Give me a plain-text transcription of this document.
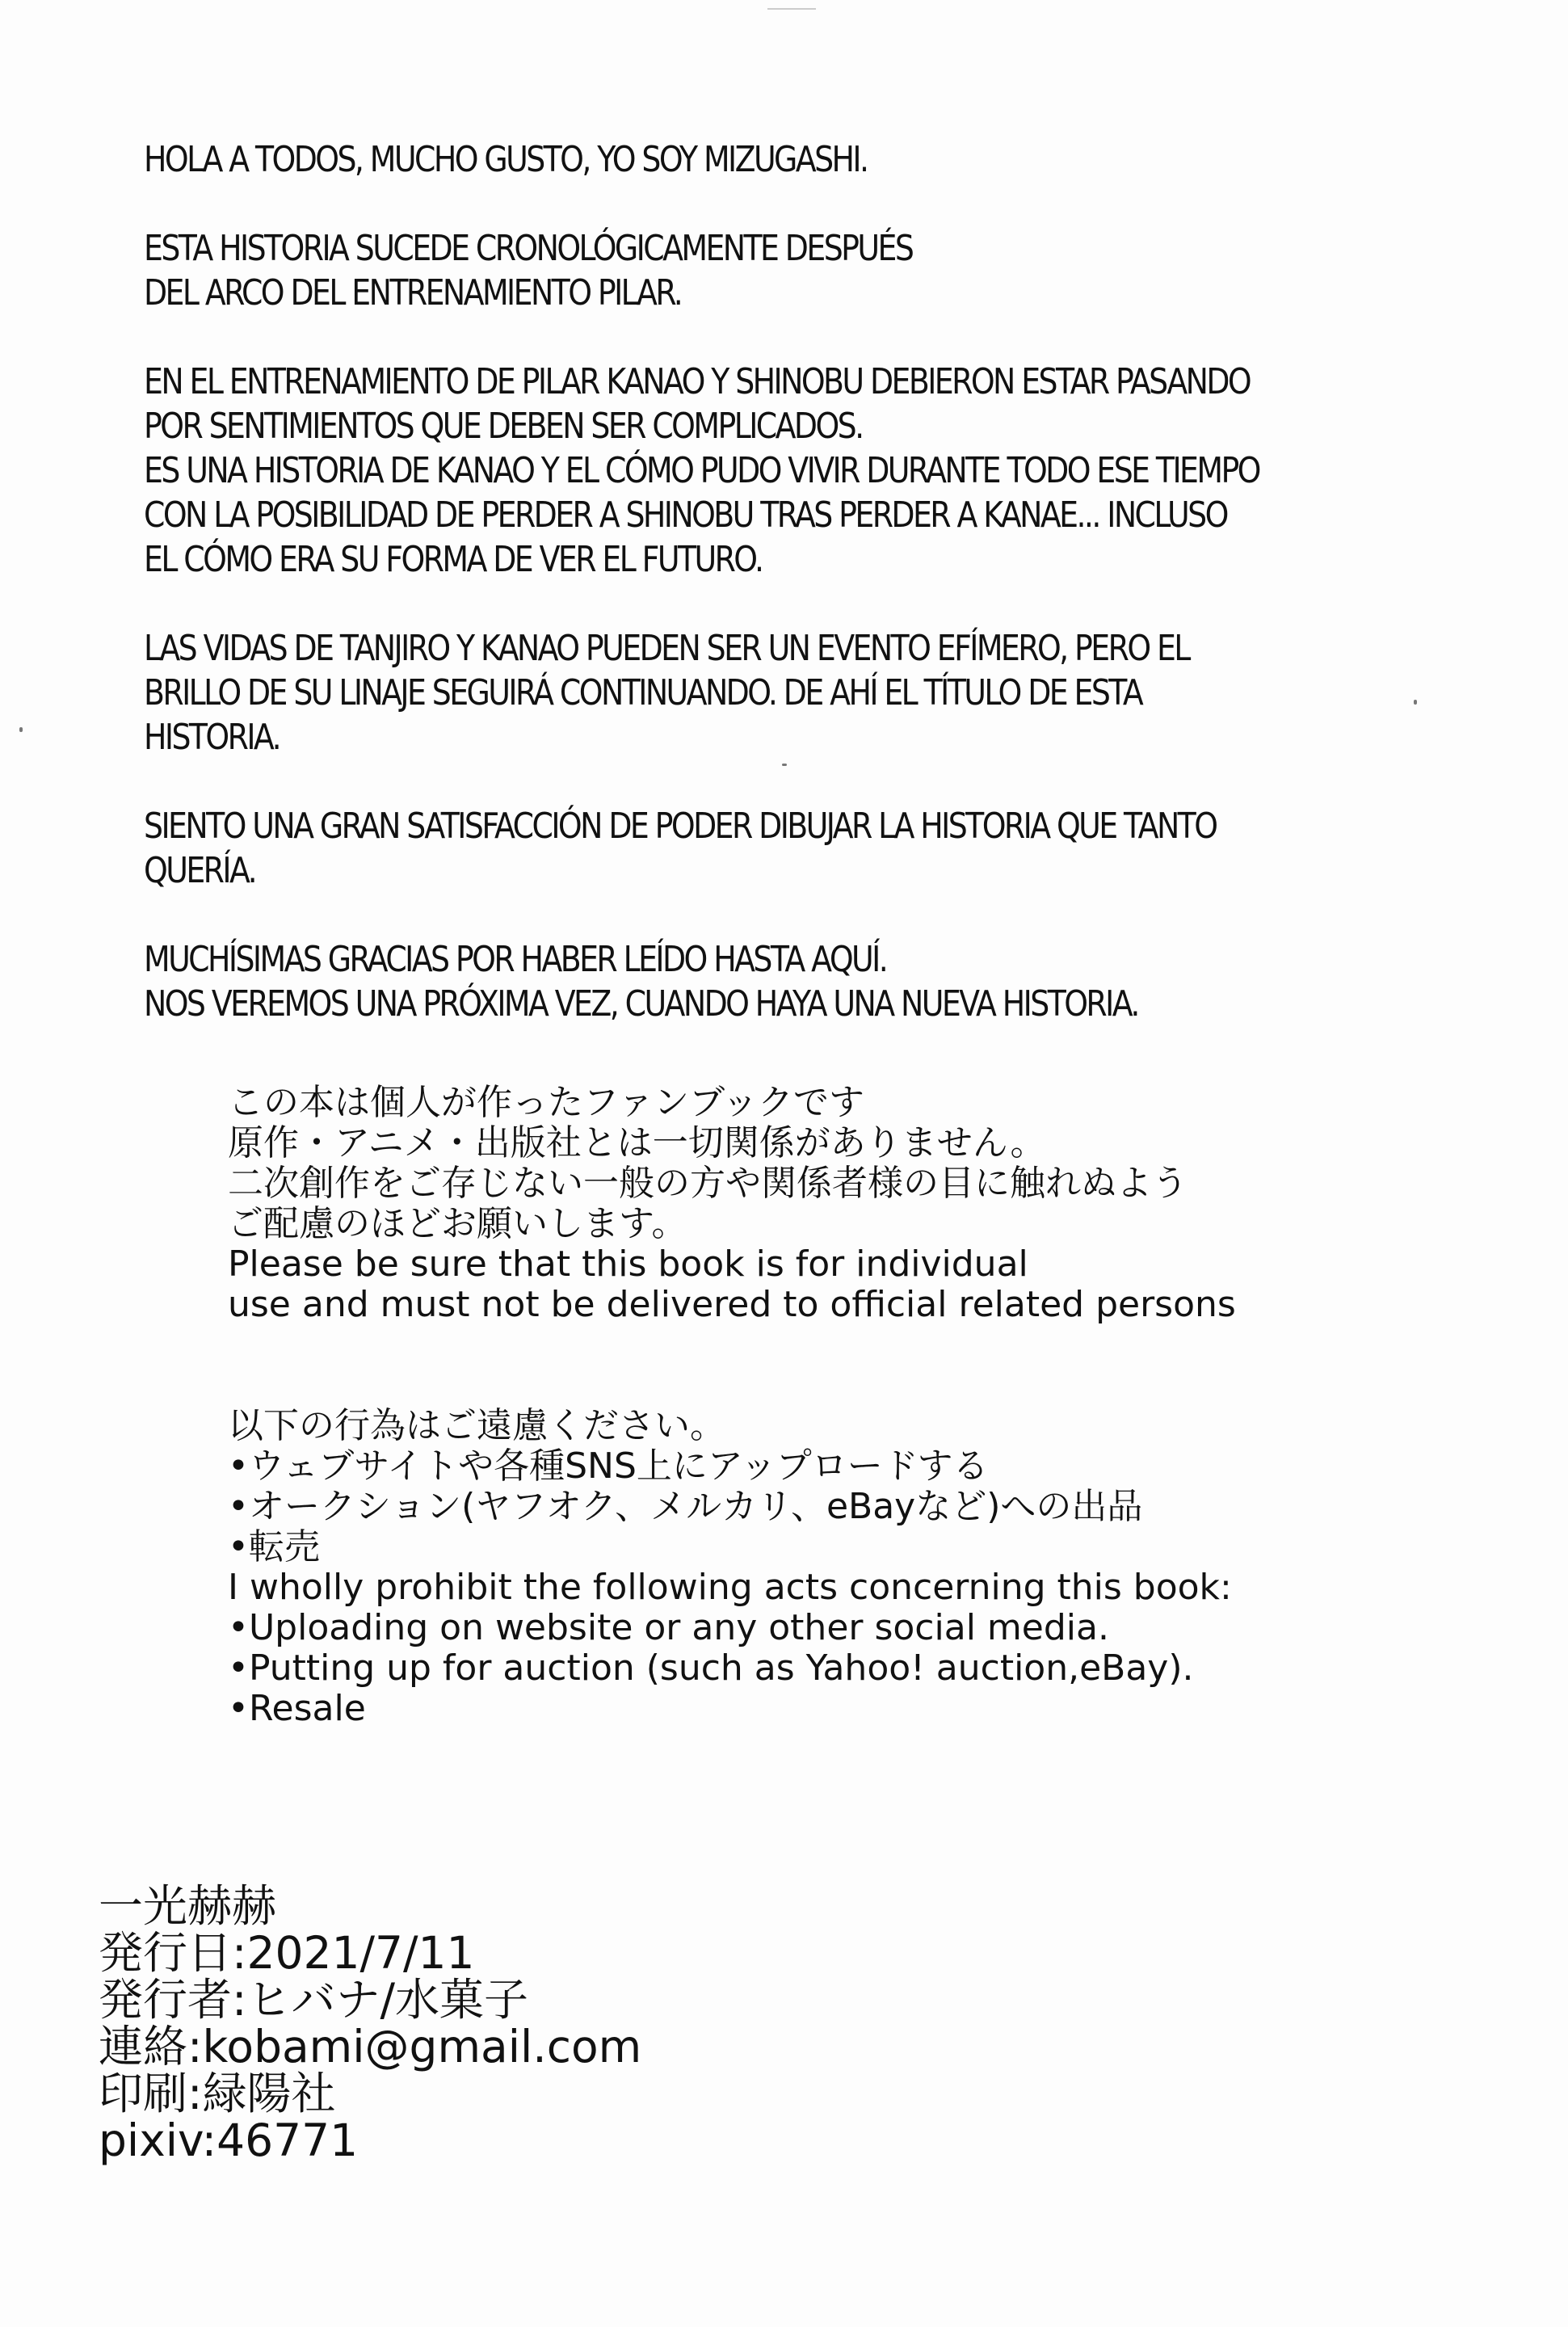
HOLA A TODOS, MUCHO GUSTO, YO SOY MIZUGASHI.

ESTA HISTORIA SUCEDE CRONOLÓGICAMENTE DESPUÉS
DEL ARCO DEL ENTRENAMIENTO PILAR.

EN EL ENTRENAMIENTO DE PILAR KANAO Y SHINOBU DEBIERON ESTAR PASANDO
POR SENTIMIENTOS QUE DEBEN SER COMPLICADOS.
ES UNA HISTORIA DE KANAO Y EL CÓMO PUDO VIVIR DURANTE TODO ESE TIEMPO
CON LA POSIBILIDAD DE PERDER A SHINOBU TRAS PERDER A KANAE... INCLUSO
EL CÓMO ERA SU FORMA DE VER EL FUTURO.

LAS VIDAS DE TANJIRO Y KANAO PUEDEN SER UN EVENTO EFÍMERO, PERO EL
BRILLO DE SU LINAJE SEGUIRÁ CONTINUANDO. DE AHÍ EL TÍTULO DE ESTA
HISTORIA.

SIENTO UNA GRAN SATISFACCIÓN DE PODER DIBUJAR LA HISTORIA QUE TANTO
QUERÍA.

MUCHÍSIMAS GRACIAS POR HABER LEÍDO HASTA AQUÍ.
NOS VEREMOS UNA PRÓXIMA VEZ, CUANDO HAYA UNA NUEVA HISTORIA.

この本は個人が作ったファンブックです
原作・アニメ・出版社とは一切関係がありません。
二次創作をご存じない一般の方や関係者様の目に触れぬよう
ご配慮のほどお願いします。
Please be sure that this book is for individual
use and must not be delivered to official related persons
以下の行為はご遠慮ください。
•ウェブサイトや各種SNS上にアップロードする
•オークション(ヤフオク、メルカリ、eBayなど)への出品
•転売
I wholly prohibit the following acts concerning this book:
•Uploading on website or any other social media.
•Putting up for auction (such as Yahoo! auction,eBay).
•Resale
一光赫赫
発行日:2021/7/11
発行者:ヒバナ/水菓子
連絡:kobami@gmail.com
印刷:緑陽社
pixiv:46771
